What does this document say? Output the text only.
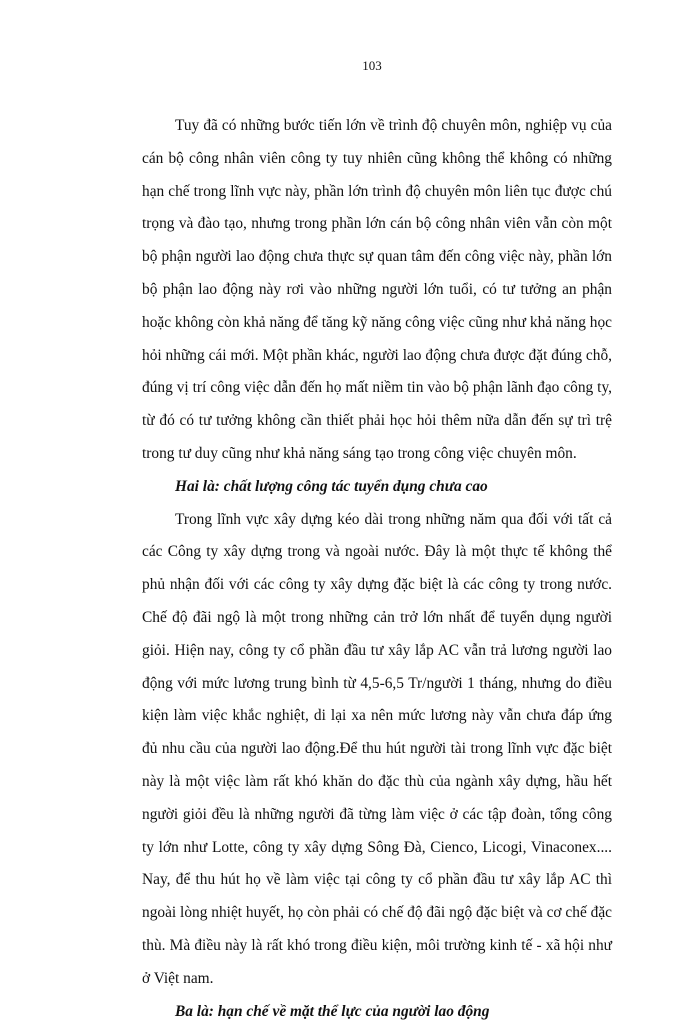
103

Tuy đã có những bước tiến lớn về trình độ chuyên môn, nghiệp vụ của cán bộ công nhân viên công ty tuy nhiên cũng không thể không có những hạn chế trong lĩnh vực này, phần lớn trình độ chuyên môn liên tục được chú trọng và đào tạo, nhưng trong phần lớn cán bộ công nhân viên vẫn còn một bộ phận người lao động chưa thực sự quan tâm đến công việc này, phần lớn bộ phận lao động này rơi vào những người lớn tuổi, có tư tưởng an phận hoặc không còn khả năng để tăng kỹ năng công việc cũng như khả năng học hỏi những cái mới. Một phần khác, người lao động chưa được đặt đúng chỗ, đúng vị trí công việc dẫn đến họ mất niềm tin vào bộ phận lãnh đạo công ty, từ đó có tư tưởng không cần thiết phải học hỏi thêm nữa dẫn đến sự trì trệ trong tư duy cũng như khả năng sáng tạo trong công việc chuyên môn.

Hai là: chất lượng công tác tuyển dụng chưa cao

Trong lĩnh vực xây dựng kéo dài trong những năm qua đối với tất cả các Công ty xây dựng trong và ngoài nước. Đây là một thực tế không thể phủ nhận đối với các công ty xây dựng đặc biệt là các công ty trong nước. Chế độ đãi ngộ là một trong những cản trở lớn nhất để tuyển dụng người giỏi. Hiện nay, công ty cổ phần đầu tư xây lắp AC vẫn trả lương người lao động với mức lương trung bình từ 4,5-6,5 Tr/người 1 tháng, nhưng do điều kiện làm việc khắc nghiệt, di lại xa nên mức lương này vẫn chưa đáp ứng đủ nhu cầu của người lao động.Để thu hút người tài trong lĩnh vực đặc biệt này là một việc làm rất khó khăn do đặc thù của ngành xây dựng, hầu hết người giỏi đều là những người đã từng làm việc ở các tập đoàn, tổng công ty lớn như Lotte, công ty xây dựng Sông Đà, Cienco, Licogi, Vinaconex.... Nay, để thu hút họ về làm việc tại công ty cổ phần đầu tư xây lắp AC thì ngoài lòng nhiệt huyết, họ còn phải có chế độ đãi ngộ đặc biệt và cơ chế đặc thù. Mà điều này là rất khó trong điều kiện, môi trường kinh tế - xã hội như ở Việt nam.

Ba là: hạn chế về mặt thể lực của người lao động
